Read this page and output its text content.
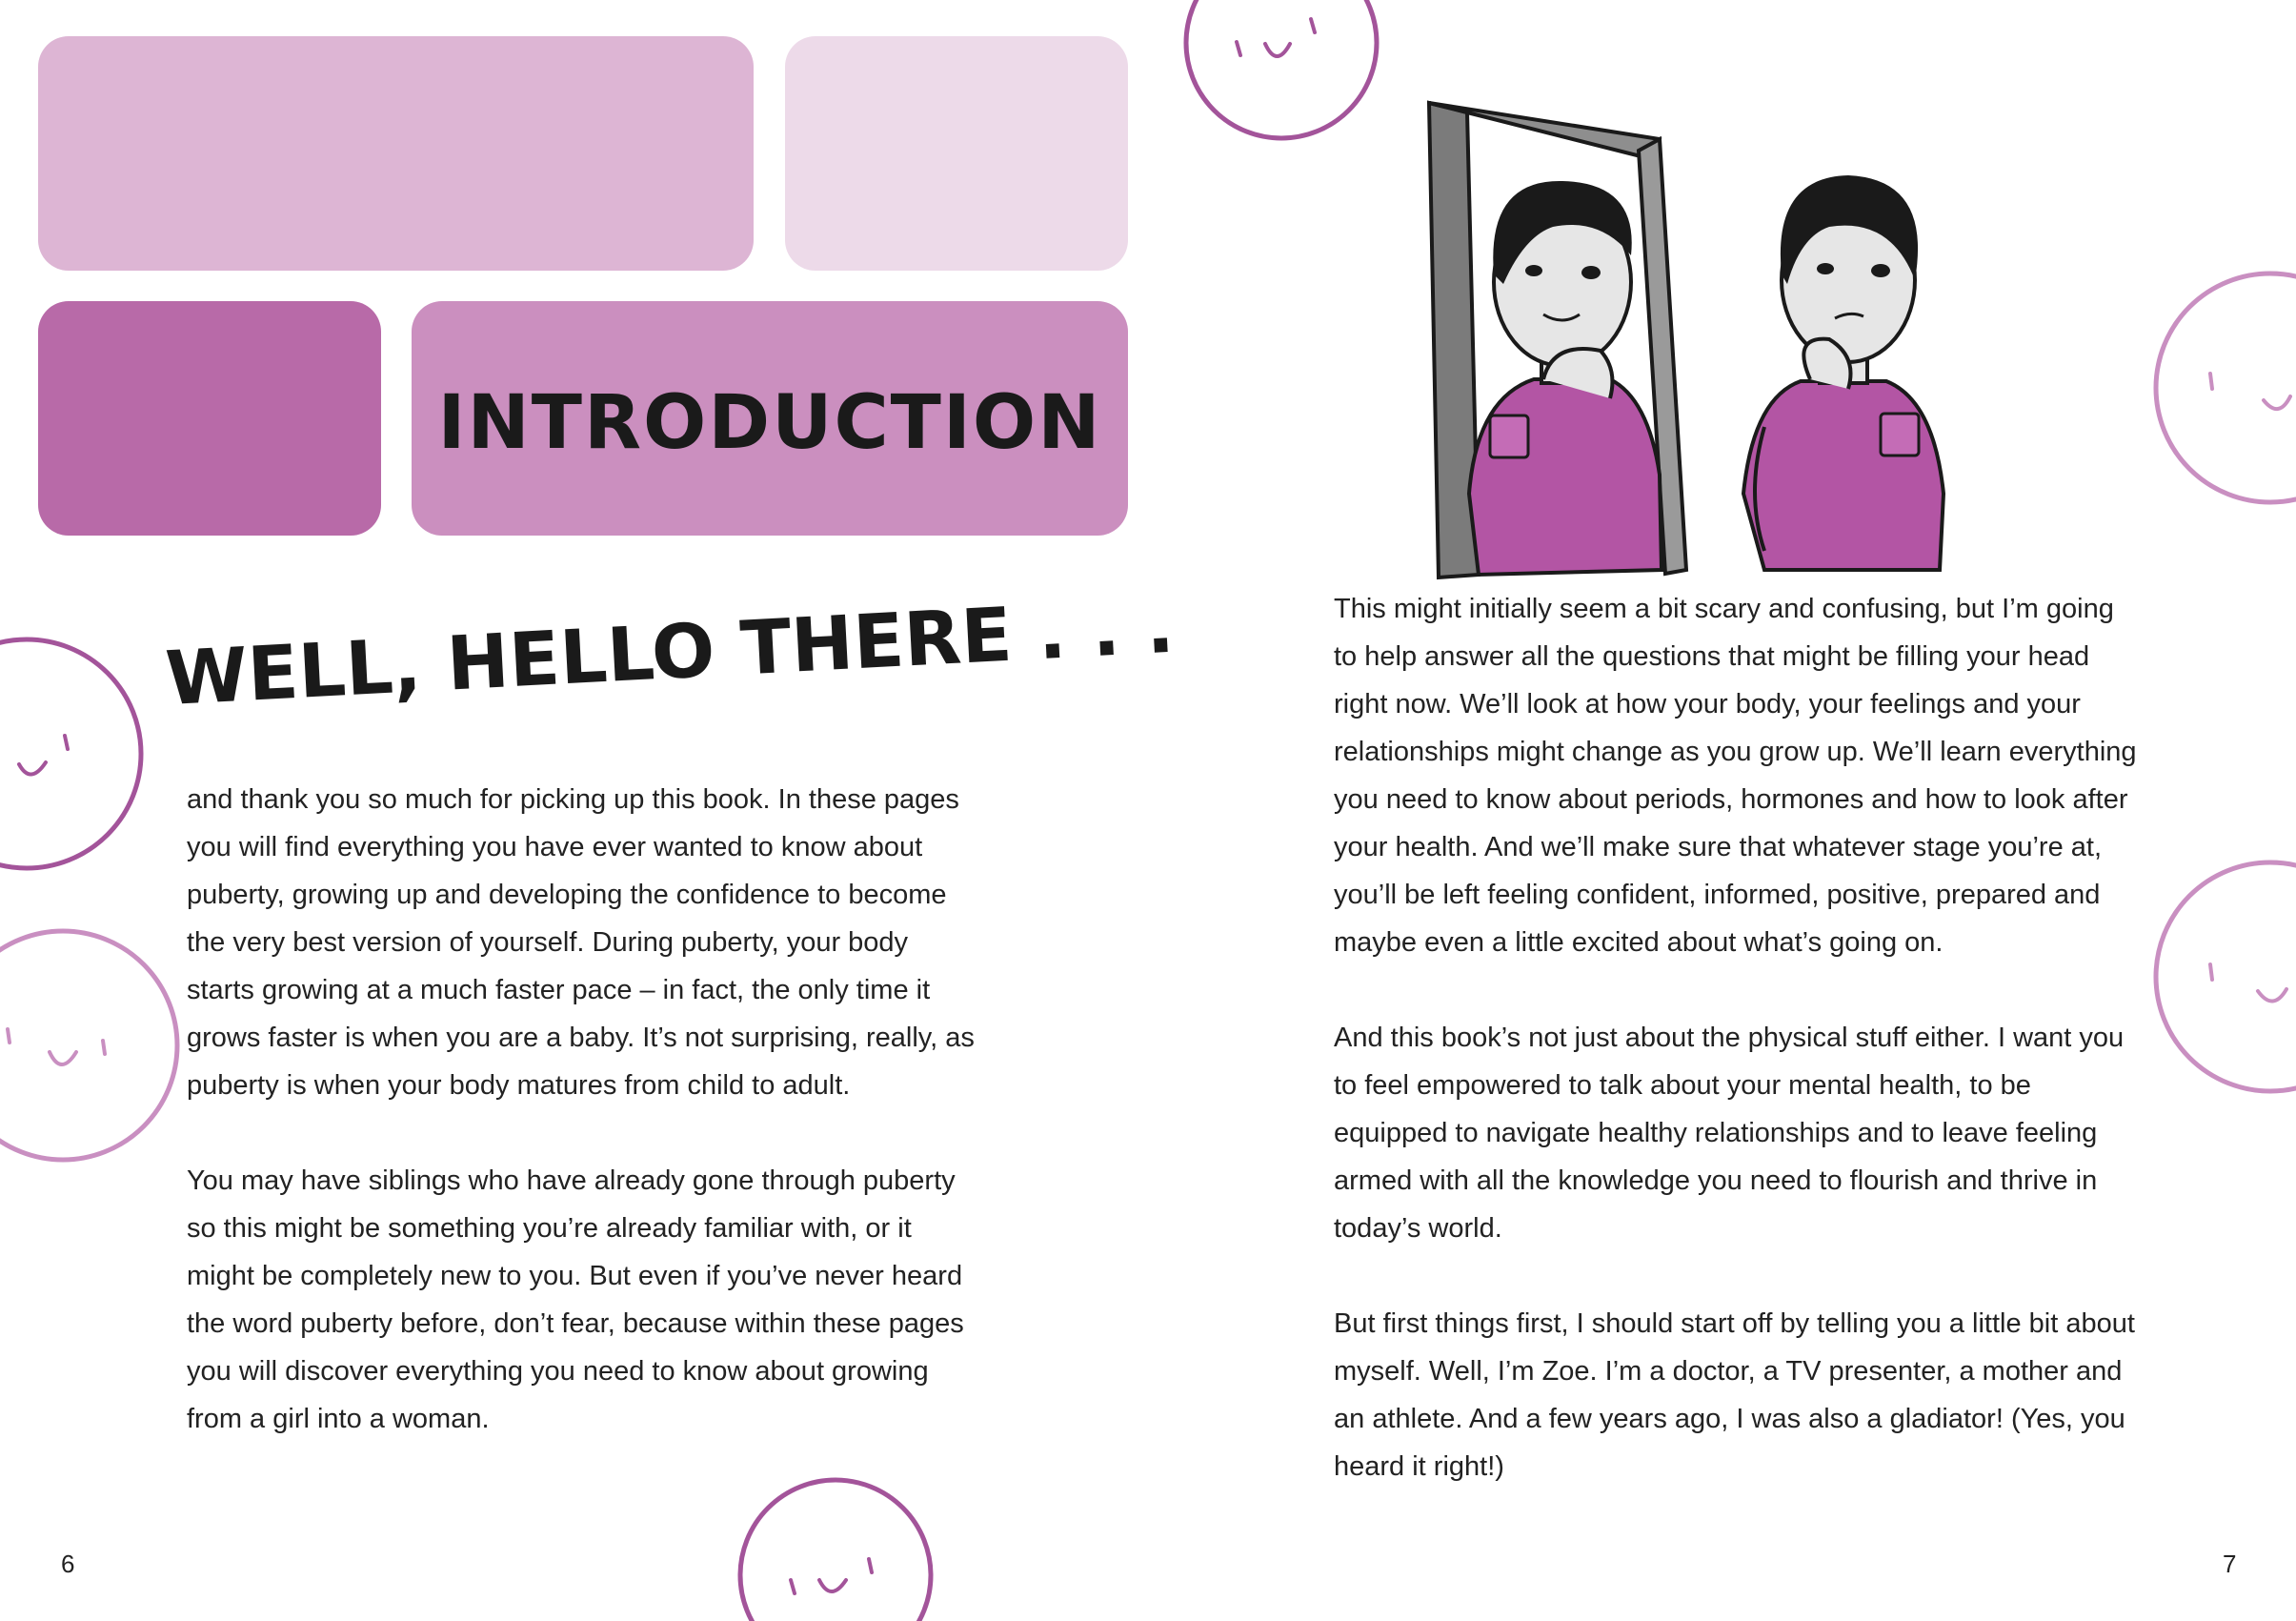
INTRODUCTION
WELL, HELLO THERE . . .

and thank you so much for picking up this book. In these pages you will find everything you have ever wanted to know about puberty, growing up and developing the confidence to become the very best version of yourself. During puberty, your body starts growing at a much faster pace – in fact, the only time it grows faster is when you are a baby. It’s not surprising, really, as puberty is when your body matures from child to adult.

You may have siblings who have already gone through puberty so this might be something you’re already familiar with, or it might be completely new to you. But even if you’ve never heard the word puberty before, don’t fear, because within these pages you will discover everything you need to know about growing from a girl into a woman.

This might initially seem a bit scary and confusing, but I’m going to help answer all the questions that might be filling your head right now. We’ll look at how your body, your feelings and your relationships might change as you grow up. We’ll learn everything you need to know about periods, hormones and how to look after your health. And we’ll make sure that whatever stage you’re at, you’ll be left feeling confident, informed, positive, prepared and maybe even a little excited about what’s going on.

And this book’s not just about the physical stuff either. I want you to feel empowered to talk about your mental health, to be equipped to navigate healthy relationships and to leave feeling armed with all the knowledge you need to flourish and thrive in today’s world.

But first things first, I should start off by telling you a little bit about myself. Well, I’m Zoe. I’m a doctor, a TV presenter, a mother and an athlete. And a few years ago, I was also a gladiator! (Yes, you heard it right!)

6	7
